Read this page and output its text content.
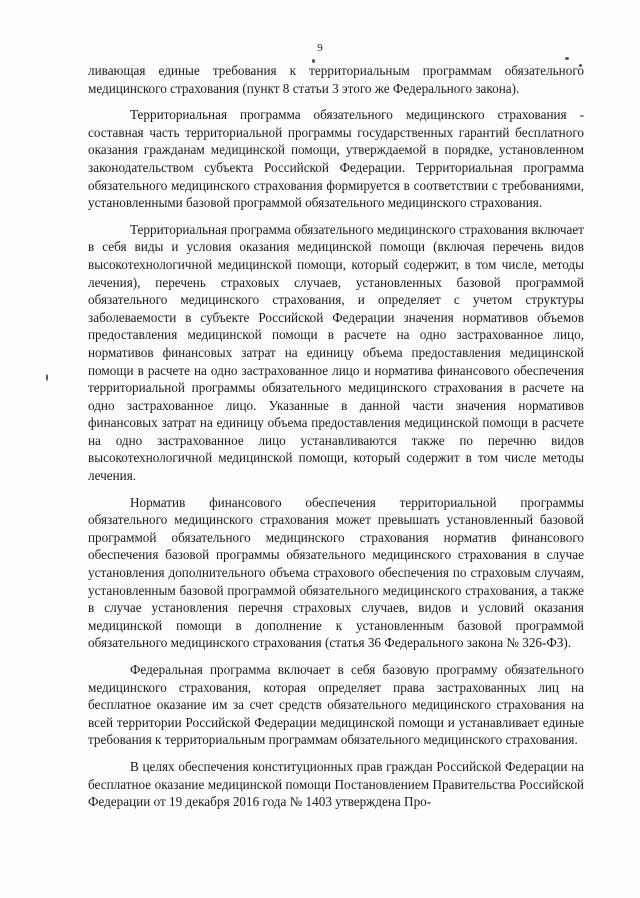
9

ливающая единые требования к территориальным программам обязательного медицинского страхования (пункт 8 статьи 3 этого же Федерального закона).

Территориальная программа обязательного медицинского страхования - составная часть территориальной программы государственных гарантий бесплатного оказания гражданам медицинской помощи, утверждаемой в порядке, установленном законодательством субъекта Российской Федерации. Территориальная программа обязательного медицинского страхования формируется в соответствии с требованиями, установленными базовой программой обязательного медицинского страхования.

Территориальная программа обязательного медицинского страхования включает в себя виды и условия оказания медицинской помощи (включая перечень видов высокотехнологичной медицинской помощи, который содержит, в том числе, методы лечения), перечень страховых случаев, установленных базовой программой обязательного медицинского страхования, и определяет с учетом структуры заболеваемости в субъекте Российской Федерации значения нормативов объемов предоставления медицинской помощи в расчете на одно застрахованное лицо, нормативов финансовых затрат на единицу объема предоставления медицинской помощи в расчете на одно застрахованное лицо и норматива финансового обеспечения территориальной программы обязательного медицинского страхования в расчете на одно застрахованное лицо. Указанные в данной части значения нормативов финансовых затрат на единицу объема предоставления медицинской помощи в расчете на одно застрахованное лицо устанавливаются также по перечню видов высокотехнологичной медицинской помощи, который содержит в том числе методы лечения.

Норматив финансового обеспечения территориальной программы обязательного медицинского страхования может превышать установленный базовой программой обязательного медицинского страхования норматив финансового обеспечения базовой программы обязательного медицинского страхования в случае установления дополнительного объема страхового обеспечения по страховым случаям, установленным базовой программой обязательного медицинского страхования, а также в случае установления перечня страховых случаев, видов и условий оказания медицинской помощи в дополнение к установленным базовой программой обязательного медицинского страхования (статья 36 Федерального закона № 326-ФЗ).

Федеральная программа включает в себя базовую программу обязательного медицинского страхования, которая определяет права застрахованных лиц на бесплатное оказание им за счет средств обязательного медицинского страхования на всей территории Российской Федерации медицинской помощи и устанавливает единые требования к территориальным программам обязательного медицинского страхования.

В целях обеспечения конституционных прав граждан Российской Федерации на бесплатное оказание медицинской помощи Постановлением Правительства Российской Федерации от 19 декабря 2016 года № 1403 утверждена Про-
